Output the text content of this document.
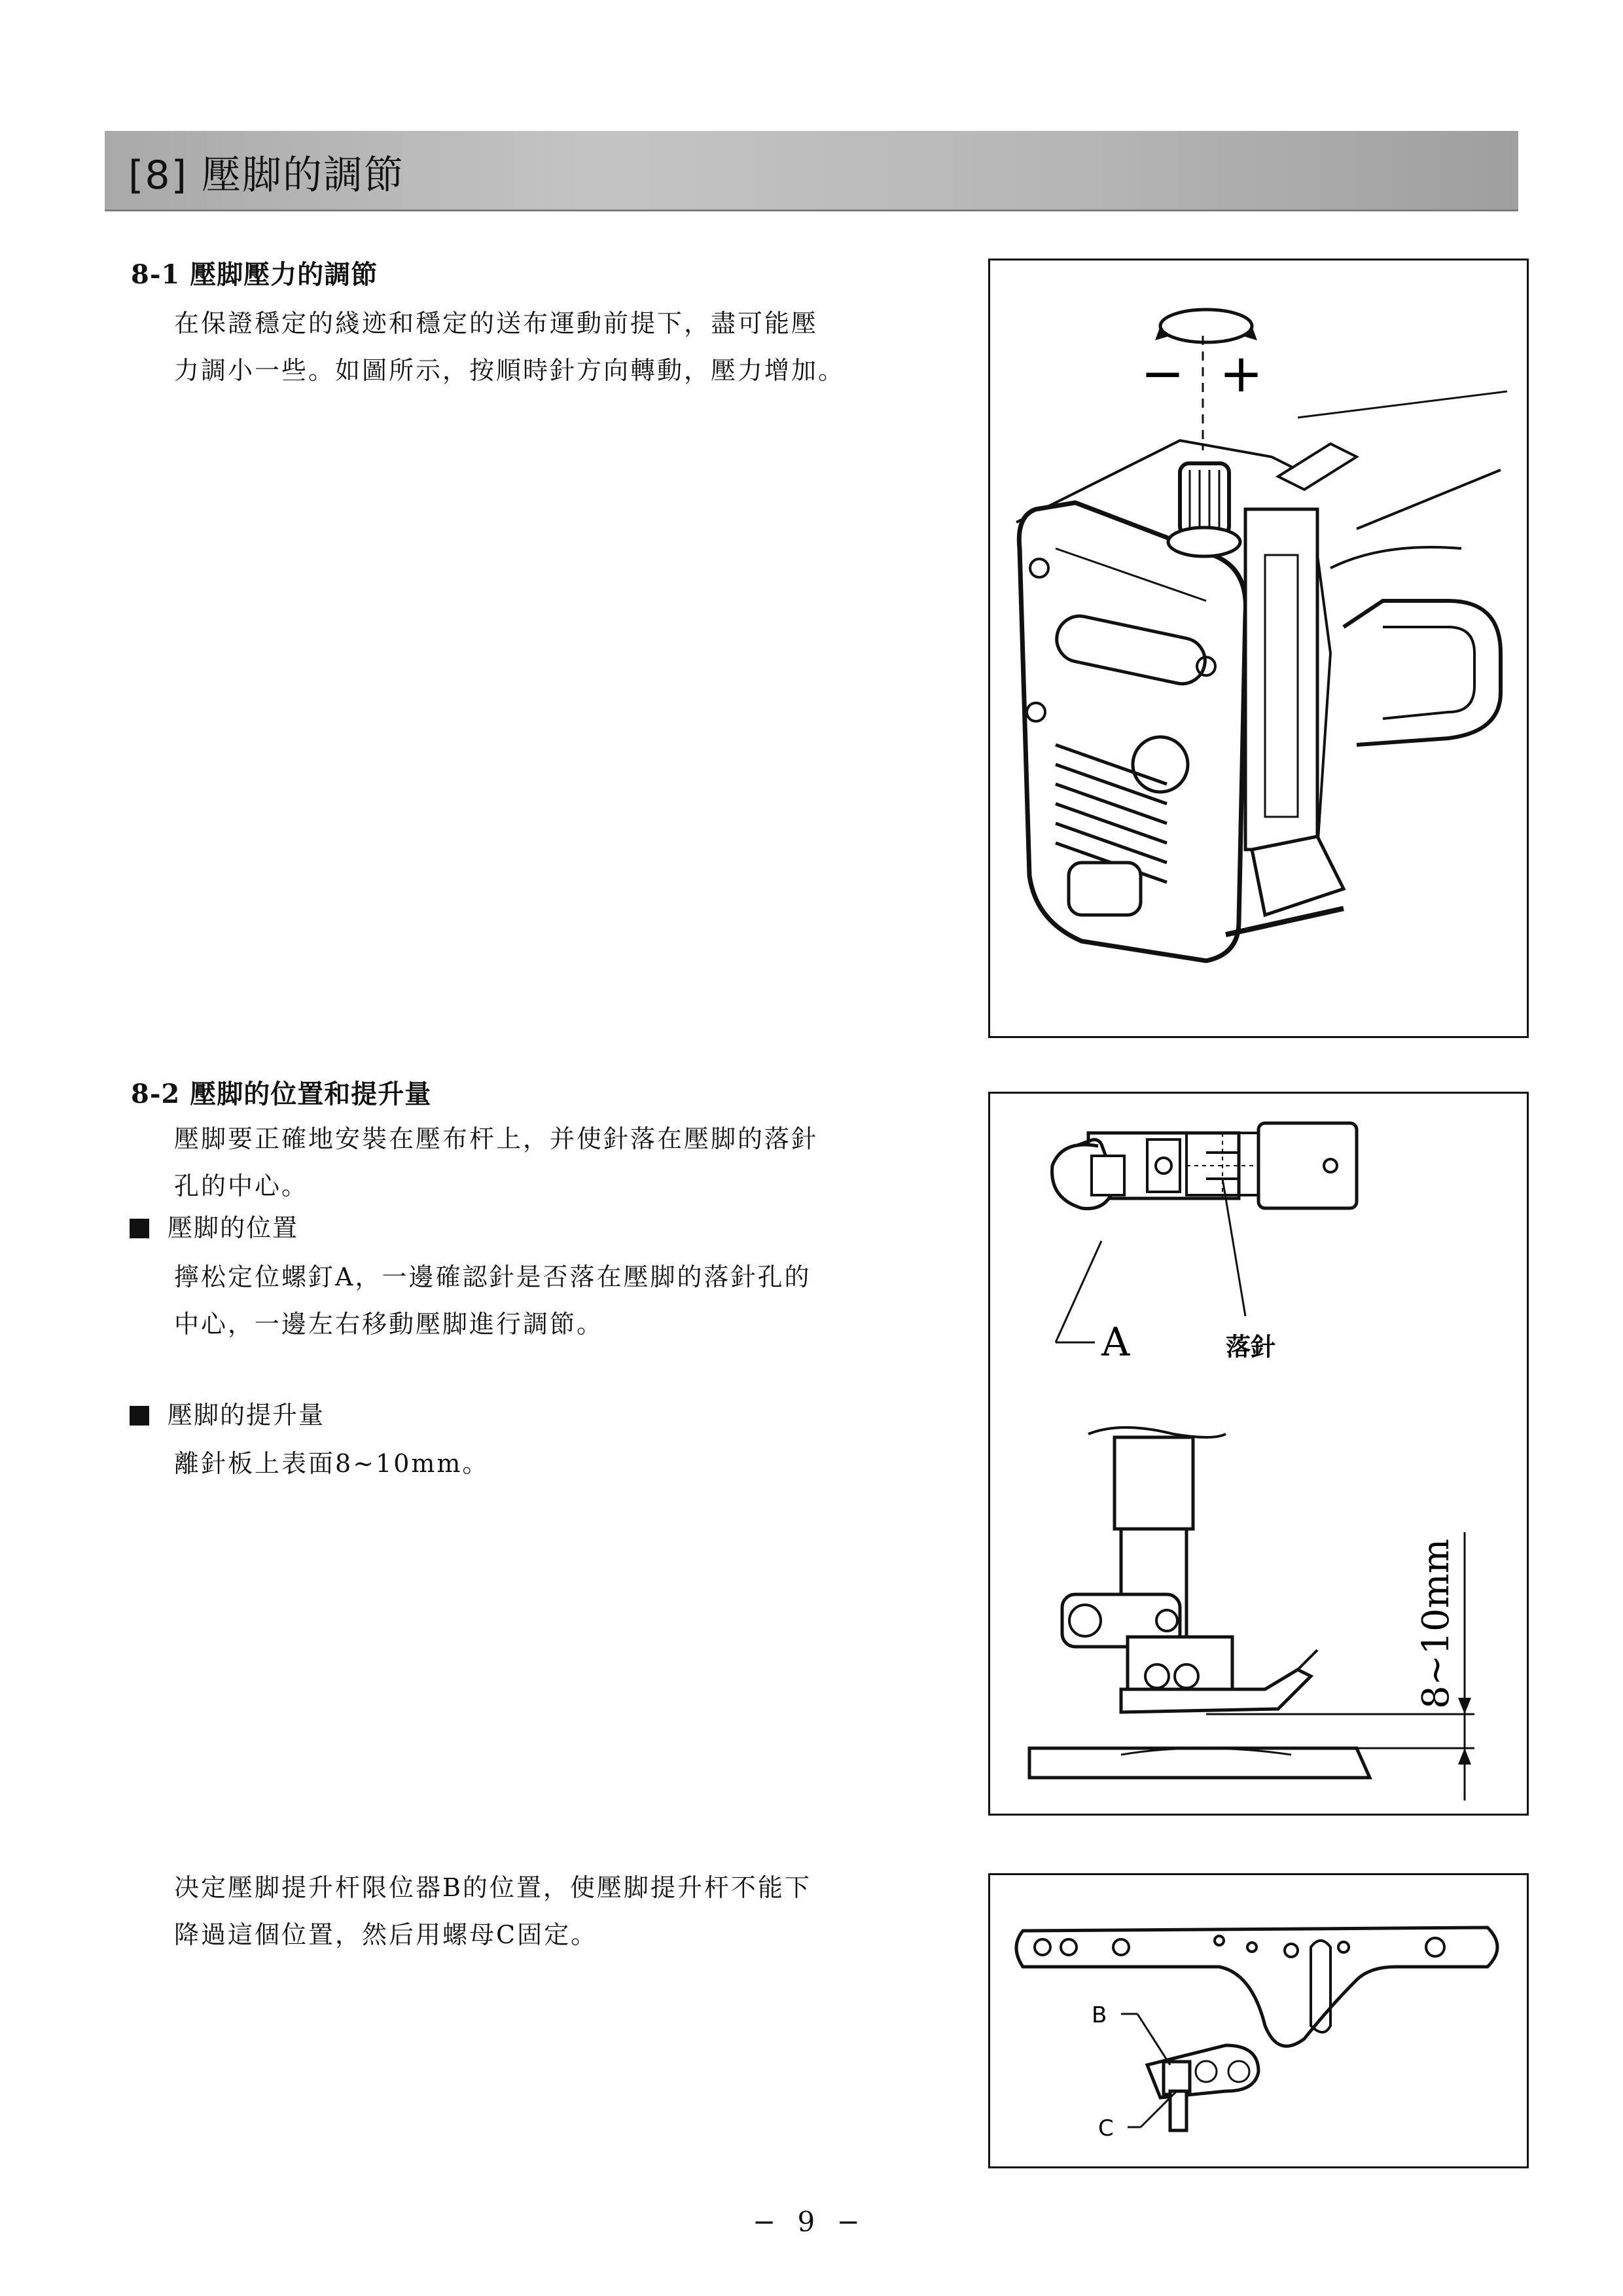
[8] 壓脚的調節
8-1 壓脚壓力的調節
在保證穩定的綫迹和穩定的送布運動前提下，盡可能壓
力調小一些。如圖所示，按順時針方向轉動，壓力增加。	− +
8-2 壓脚的位置和提升量
壓脚要正確地安裝在壓布杆上，并使針落在壓脚的落針
孔的中心。
壓脚的位置
擰松定位螺釘A，一邊確認針是否落在壓脚的落針孔的
中心，一邊左右移動壓脚進行調節。
壓脚的提升量
離針板上表面8~10mm。
A	落針
8~10mm
决定壓脚提升杆限位器B的位置，使壓脚提升杆不能下
降過這個位置，然后用螺母C固定。
B
C
− 9 −
